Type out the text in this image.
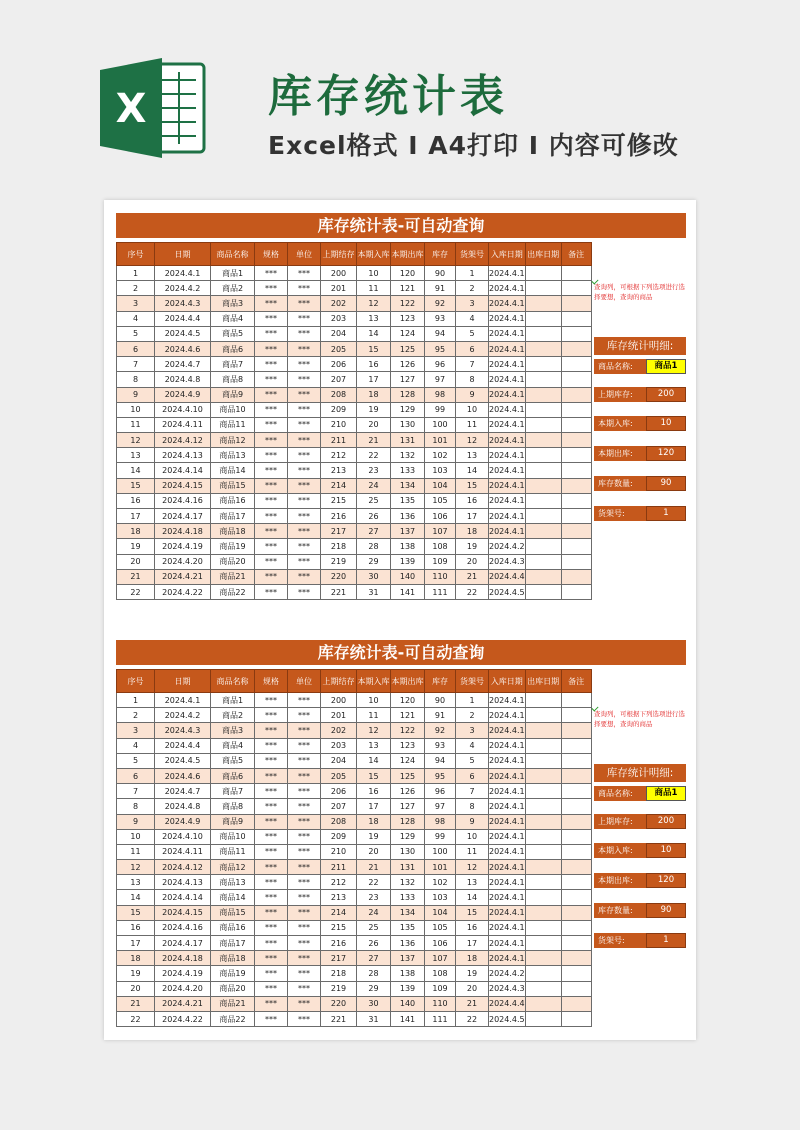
X	库存统计表
Excel格式 I A4打印 I 内容可修改
库存统计表-可自动查询
序号	日期	商品名称	规格	单位	上期结存	本期入库	本期出库	库存	货架号	入库日期	出库日期	备注
1	2024.4.1	商品1	***	***	200	10	120	90	1	2024.4.1		
2	2024.4.2	商品2	***	***	201	11	121	91	2	2024.4.1		
3	2024.4.3	商品3	***	***	202	12	122	92	3	2024.4.1		
4	2024.4.4	商品4	***	***	203	13	123	93	4	2024.4.1		
5	2024.4.5	商品5	***	***	204	14	124	94	5	2024.4.1		
6	2024.4.6	商品6	***	***	205	15	125	95	6	2024.4.1		
7	2024.4.7	商品7	***	***	206	16	126	96	7	2024.4.1		
8	2024.4.8	商品8	***	***	207	17	127	97	8	2024.4.1		
9	2024.4.9	商品9	***	***	208	18	128	98	9	2024.4.1		
10	2024.4.10	商品10	***	***	209	19	129	99	10	2024.4.1		
11	2024.4.11	商品11	***	***	210	20	130	100	11	2024.4.1		
12	2024.4.12	商品12	***	***	211	21	131	101	12	2024.4.1		
13	2024.4.13	商品13	***	***	212	22	132	102	13	2024.4.1		
14	2024.4.14	商品14	***	***	213	23	133	103	14	2024.4.1		
15	2024.4.15	商品15	***	***	214	24	134	104	15	2024.4.1		
16	2024.4.16	商品16	***	***	215	25	135	105	16	2024.4.1		
17	2024.4.17	商品17	***	***	216	26	136	106	17	2024.4.1		
18	2024.4.18	商品18	***	***	217	27	137	107	18	2024.4.1		
19	2024.4.19	商品19	***	***	218	28	138	108	19	2024.4.2		
20	2024.4.20	商品20	***	***	219	29	139	109	20	2024.4.3		
21	2024.4.21	商品21	***	***	220	30	140	110	21	2024.4.4		
22	2024.4.22	商品22	***	***	221	31	141	111	22	2024.4.5		
查询列，可根据下列选项进行选择要想，查询的商品
库存统计明细:
商品名称:	商品1
上期库存:	200
本期入库:	10
本期出库:	120
库存数量:	90
货架号:	1
库存统计表-可自动查询
序号	日期	商品名称	规格	单位	上期结存	本期入库	本期出库	库存	货架号	入库日期	出库日期	备注
1	2024.4.1	商品1	***	***	200	10	120	90	1	2024.4.1		
2	2024.4.2	商品2	***	***	201	11	121	91	2	2024.4.1		
3	2024.4.3	商品3	***	***	202	12	122	92	3	2024.4.1		
4	2024.4.4	商品4	***	***	203	13	123	93	4	2024.4.1		
5	2024.4.5	商品5	***	***	204	14	124	94	5	2024.4.1		
6	2024.4.6	商品6	***	***	205	15	125	95	6	2024.4.1		
7	2024.4.7	商品7	***	***	206	16	126	96	7	2024.4.1		
8	2024.4.8	商品8	***	***	207	17	127	97	8	2024.4.1		
9	2024.4.9	商品9	***	***	208	18	128	98	9	2024.4.1		
10	2024.4.10	商品10	***	***	209	19	129	99	10	2024.4.1		
11	2024.4.11	商品11	***	***	210	20	130	100	11	2024.4.1		
12	2024.4.12	商品12	***	***	211	21	131	101	12	2024.4.1		
13	2024.4.13	商品13	***	***	212	22	132	102	13	2024.4.1		
14	2024.4.14	商品14	***	***	213	23	133	103	14	2024.4.1		
15	2024.4.15	商品15	***	***	214	24	134	104	15	2024.4.1		
16	2024.4.16	商品16	***	***	215	25	135	105	16	2024.4.1		
17	2024.4.17	商品17	***	***	216	26	136	106	17	2024.4.1		
18	2024.4.18	商品18	***	***	217	27	137	107	18	2024.4.1		
19	2024.4.19	商品19	***	***	218	28	138	108	19	2024.4.2		
20	2024.4.20	商品20	***	***	219	29	139	109	20	2024.4.3		
21	2024.4.21	商品21	***	***	220	30	140	110	21	2024.4.4		
22	2024.4.22	商品22	***	***	221	31	141	111	22	2024.4.5		
查询列，可根据下列选项进行选择要想，查询的商品
库存统计明细:
商品名称:	商品1
上期库存:	200
本期入库:	10
本期出库:	120
库存数量:	90
货架号:	1
